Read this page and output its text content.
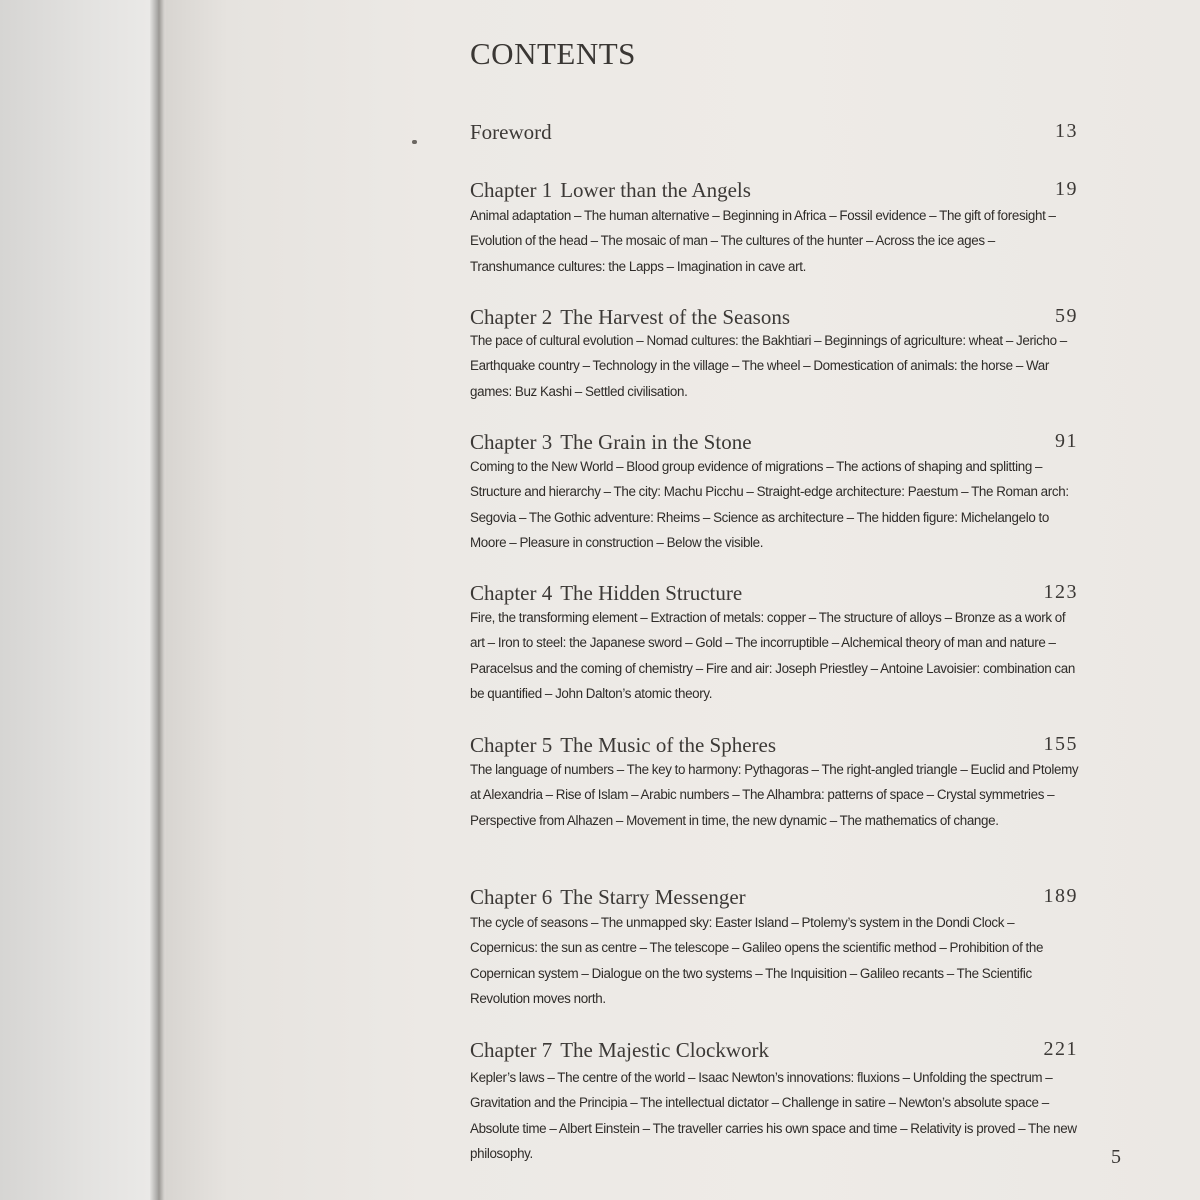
CONTENTS
Foreword	13
Chapter 1 Lower than the Angels	19

Animal adaptation – The human alternative – Beginning in Africa – Fossil evidence – The gift of foresight – Evolution of the head – The mosaic of man – The cultures of the hunter – Across the ice ages – Transhumance cultures: the Lapps – Imagination in cave art.

Chapter 2 The Harvest of the Seasons	59

The pace of cultural evolution – Nomad cultures: the Bakhtiari – Beginnings of agriculture: wheat – Jericho – Earthquake country – Technology in the village – The wheel – Domestication of animals: the horse – War games: Buz Kashi – Settled civilisation.

Chapter 3 The Grain in the Stone	91

Coming to the New World – Blood group evidence of migrations – The actions of shaping and splitting – Structure and hierarchy – The city: Machu Picchu – Straight-edge architecture: Paestum – The Roman arch: Segovia – The Gothic adventure: Rheims – Science as architecture – The hidden figure: Michelangelo to Moore – Pleasure in construction – Below the visible.

Chapter 4 The Hidden Structure	123

Fire, the transforming element – Extraction of metals: copper – The structure of alloys – Bronze as a work of art – Iron to steel: the Japanese sword – Gold – The incorruptible – Alchemical theory of man and nature – Paracelsus and the coming of chemistry – Fire and air: Joseph Priestley – Antoine Lavoisier: combination can be quantified – John Dalton’s atomic theory.

Chapter 5 The Music of the Spheres	155

The language of numbers – The key to harmony: Pythagoras – The right-angled triangle – Euclid and Ptolemy at Alexandria – Rise of Islam – Arabic numbers – The Alhambra: patterns of space – Crystal symmetries – Perspective from Alhazen – Movement in time, the new dynamic – The mathematics of change.

Chapter 6 The Starry Messenger	189

The cycle of seasons – The unmapped sky: Easter Island – Ptolemy’s system in the Dondi Clock – Copernicus: the sun as centre – The telescope – Galileo opens the scientific method – Prohibition of the Copernican system – Dialogue on the two systems – The Inquisition – Galileo recants – The Scientific Revolution moves north.

Chapter 7 The Majestic Clockwork	221

Kepler’s laws – The centre of the world – Isaac Newton’s innovations: fluxions – Unfolding the spectrum – Gravitation and the Principia – The intellectual dictator – Challenge in satire – Newton’s absolute space – Absolute time – Albert Einstein – The traveller carries his own space and time – Relativity is proved – The new philosophy.	5
